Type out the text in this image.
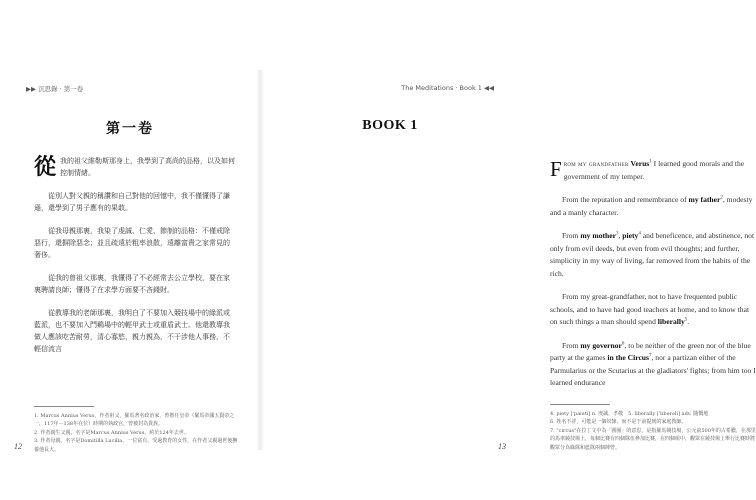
▶▶ 沉思錄 · 第一卷
第一卷

從我的祖父維勒斯那身上，我學到了高尚的品格，以及如何控制情緒。

從別人對父親的稱讚和自己對他的回憶中，我不僅懂得了謙遜，還學到了男子應有的果敢。

從我母親那裏，我染了虔誠、仁愛、節制的品格：不僅戒除惡行，還摒除惡念；並且疏遠於粗率浪散，遠離富貴之家常見的奢侈。

從我的曾祖父那裏，我懂得了不必經常去公立學校，要在家裏聘請良師；懂得了在求學方面要不吝錢財。

從教導我的老師那裏，我明白了不要加入競技場中的綠派或藍派，也不要加入鬥鷄場中的輕甲武士或重盾武士。他還教導我做人應該吃苦耐勞，清心寡慾，親力親為，不干涉他人事務，不輕信流言

1. Marcus Annius Verus，作者祖父，羅馬著名政治家，曾擔任皇帝（羅馬帝國五賢帝之一，117年－138年在位）時期的執政官，曾被封為貴族。
2. 作者親生父親，名字是Marcus Annius Verus，約於124年去世。
3. 作者母親，名字是Domitilla Lucilla，一位富有、受過教育的女性，在作者父親過世後撫養他長大。
12
The Meditations · Book 1 ◀◀
BOOK 1

From my grandfather Verus$^1$ I learned good morals and the government of my temper.

From the reputation and remembrance of my father$^2$, modesty and a manly character.

From my mother$^3$, piety$^4$ and beneficence, and abstinence, not only from evil deeds, but even from evil thoughts; and further, simplicity in my way of living, far removed from the habits of the rich.

From my great-grandfather, not to have frequented public schools, and to have had good teachers at home, and to know that on such things a man should spend liberally$^5$.

From my governor$^6$, to be neither of the green nor of the blue party at the games in the Circus$^7$, nor a partizan either of the Parmularius or the Scutarius at the gladiators' fights; from him too I learned endurance

4. piety [ˈpaɪəti] n. 虔誠，孝敬　5. liberally [ˈlɪbərəli] adv. 隨慨地
6. 姓名不詳，可能是一個奴隸，而不是于前提到的家庭教師。
7. "circus"在拉丁文中為「圓圈」的意思，是指羅馬競技場，公元前500年的古希臘，在那里的馬車競技場上，每個比賽有四個隊伍參加比賽，在四個組中，觀眾在競技場上舉行比賽時將觀眾分為綠隊和藍隊兩個陣營。
13
